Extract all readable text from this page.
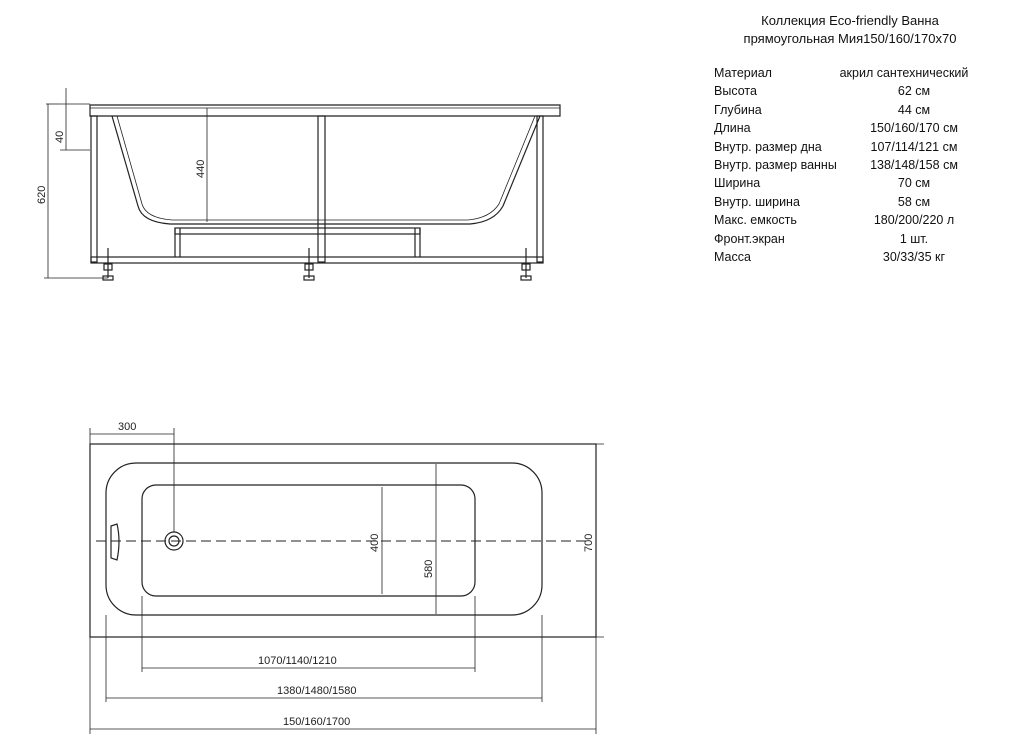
40
620
440
300
400
580
700
1070/1140/1210
1380/1480/1580
150/160/1700
Коллекция Eco-friendly Ванна
прямоугольная Мия150/160/170x70
Материал	акрил сантехнический
Высота	62 см
Глубина	44 см
Длина	150/160/170 см
Внутр. размер дна	107/114/121 см
Внутр. размер ванны	138/148/158 см
Ширина	70 см
Внутр. ширина	58 см
Макс. емкость	180/200/220 л
Фронт.экран	1 шт.
Масса	30/33/35 кг
